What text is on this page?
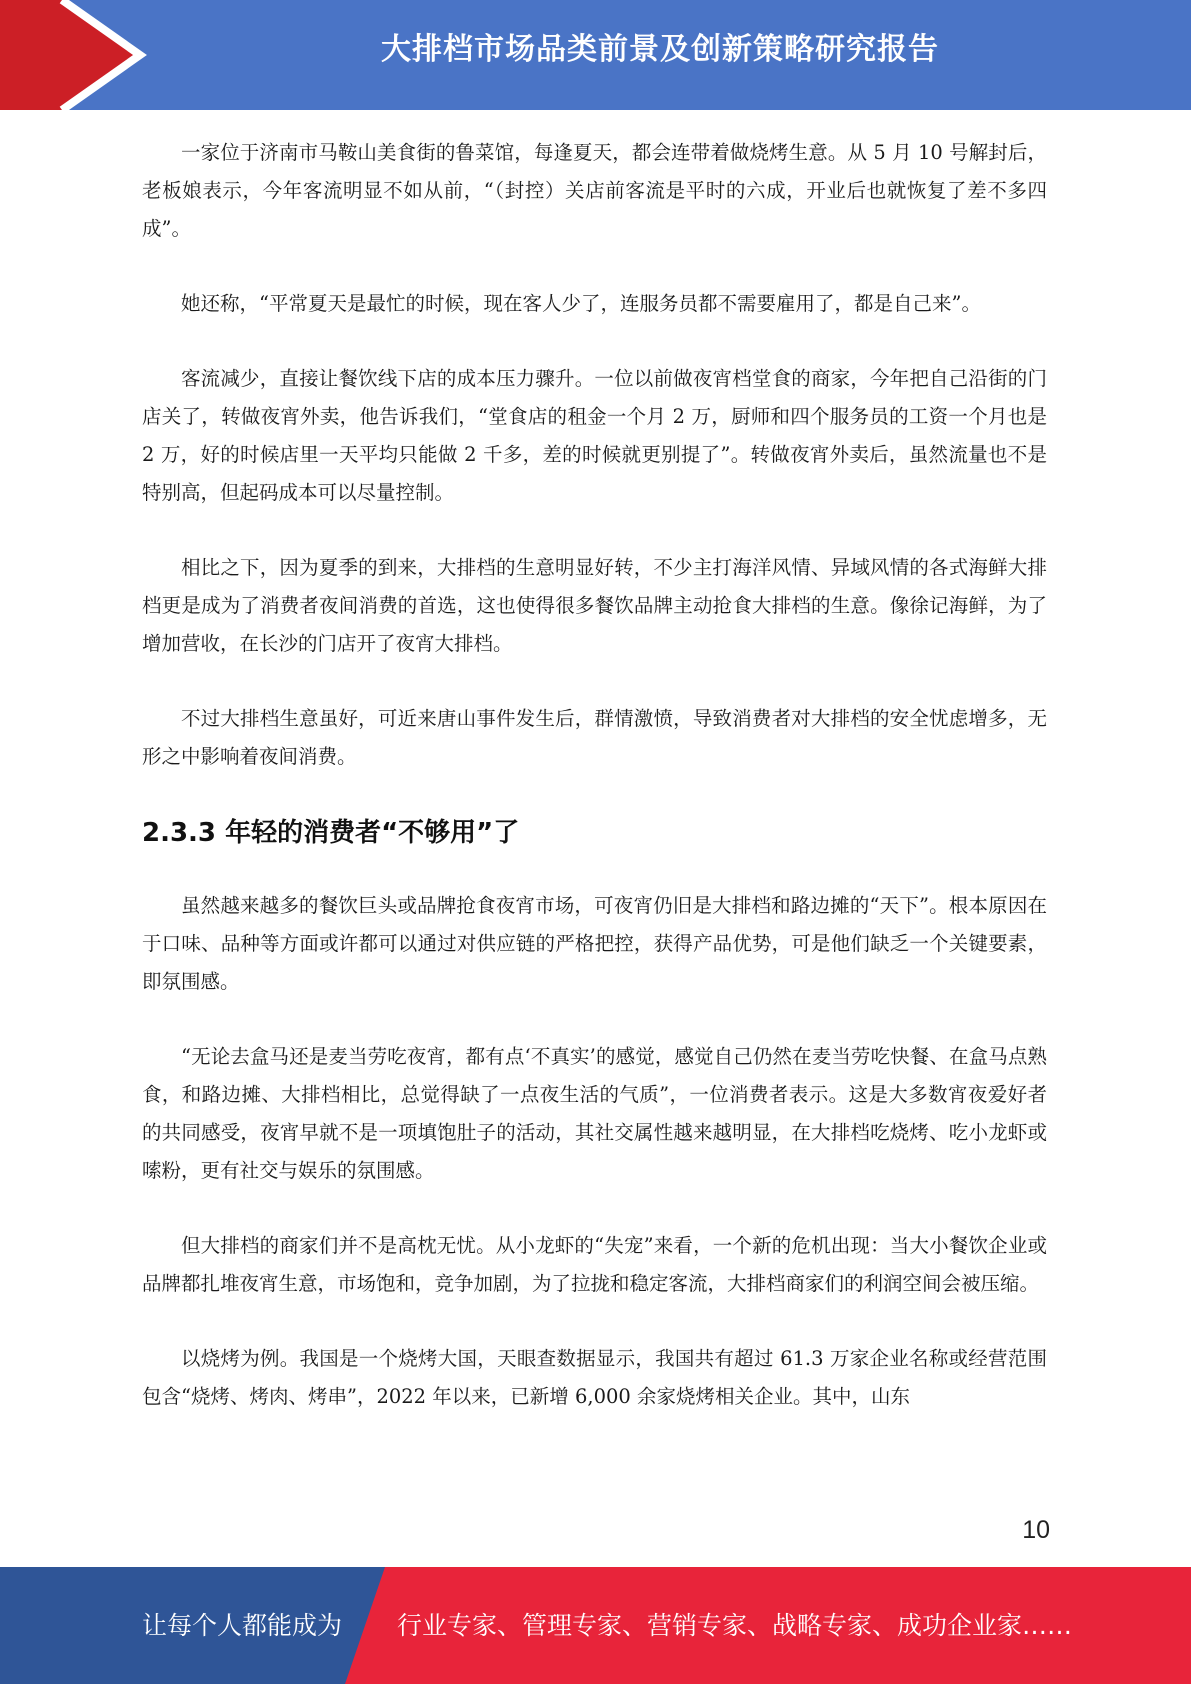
大排档市场品类前景及创新策略研究报告

一家位于济南市马鞍山美食街的鲁菜馆，每逢夏天，都会连带着做烧烤生意。从 5 月 10 号解封后，老板娘表示，今年客流明显不如从前，“（封控）关店前客流是平时的六成，开业后也就恢复了差不多四成”。

她还称，“平常夏天是最忙的时候，现在客人少了，连服务员都不需要雇用了，都是自己来”。

客流减少，直接让餐饮线下店的成本压力骤升。一位以前做夜宵档堂食的商家，今年把自己沿街的门店关了，转做夜宵外卖，他告诉我们，“堂食店的租金一个月 2 万，厨师和四个服务员的工资一个月也是 2 万，好的时候店里一天平均只能做 2 千多，差的时候就更别提了”。转做夜宵外卖后，虽然流量也不是特别高，但起码成本可以尽量控制。

相比之下，因为夏季的到来，大排档的生意明显好转，不少主打海洋风情、异域风情的各式海鲜大排档更是成为了消费者夜间消费的首选，这也使得很多餐饮品牌主动抢食大排档的生意。像徐记海鲜，为了增加营收，在长沙的门店开了夜宵大排档。

不过大排档生意虽好，可近来唐山事件发生后，群情激愤，导致消费者对大排档的安全忧虑增多，无形之中影响着夜间消费。

2.3.3 年轻的消费者“不够用”了

虽然越来越多的餐饮巨头或品牌抢食夜宵市场，可夜宵仍旧是大排档和路边摊的“天下”。根本原因在于口味、品种等方面或许都可以通过对供应链的严格把控，获得产品优势，可是他们缺乏一个关键要素，即氛围感。

“无论去盒马还是麦当劳吃夜宵，都有点‘不真实’的感觉，感觉自己仍然在麦当劳吃快餐、在盒马点熟食，和路边摊、大排档相比，总觉得缺了一点夜生活的气质”，一位消费者表示。这是大多数宵夜爱好者的共同感受，夜宵早就不是一项填饱肚子的活动，其社交属性越来越明显，在大排档吃烧烤、吃小龙虾或嗦粉，更有社交与娱乐的氛围感。

但大排档的商家们并不是高枕无忧。从小龙虾的“失宠”来看，一个新的危机出现：当大小餐饮企业或品牌都扎堆夜宵生意，市场饱和，竞争加剧，为了拉拢和稳定客流，大排档商家们的利润空间会被压缩。

以烧烤为例。我国是一个烧烤大国，天眼查数据显示，我国共有超过 61.3 万家企业名称或经营范围包含“烧烤、烤肉、烤串”，2022 年以来，已新增 6,000 余家烧烤相关企业。其中，山东

10
让每个人都能成为 行业专家、管理专家、营销专家、战略专家、成功企业家……
